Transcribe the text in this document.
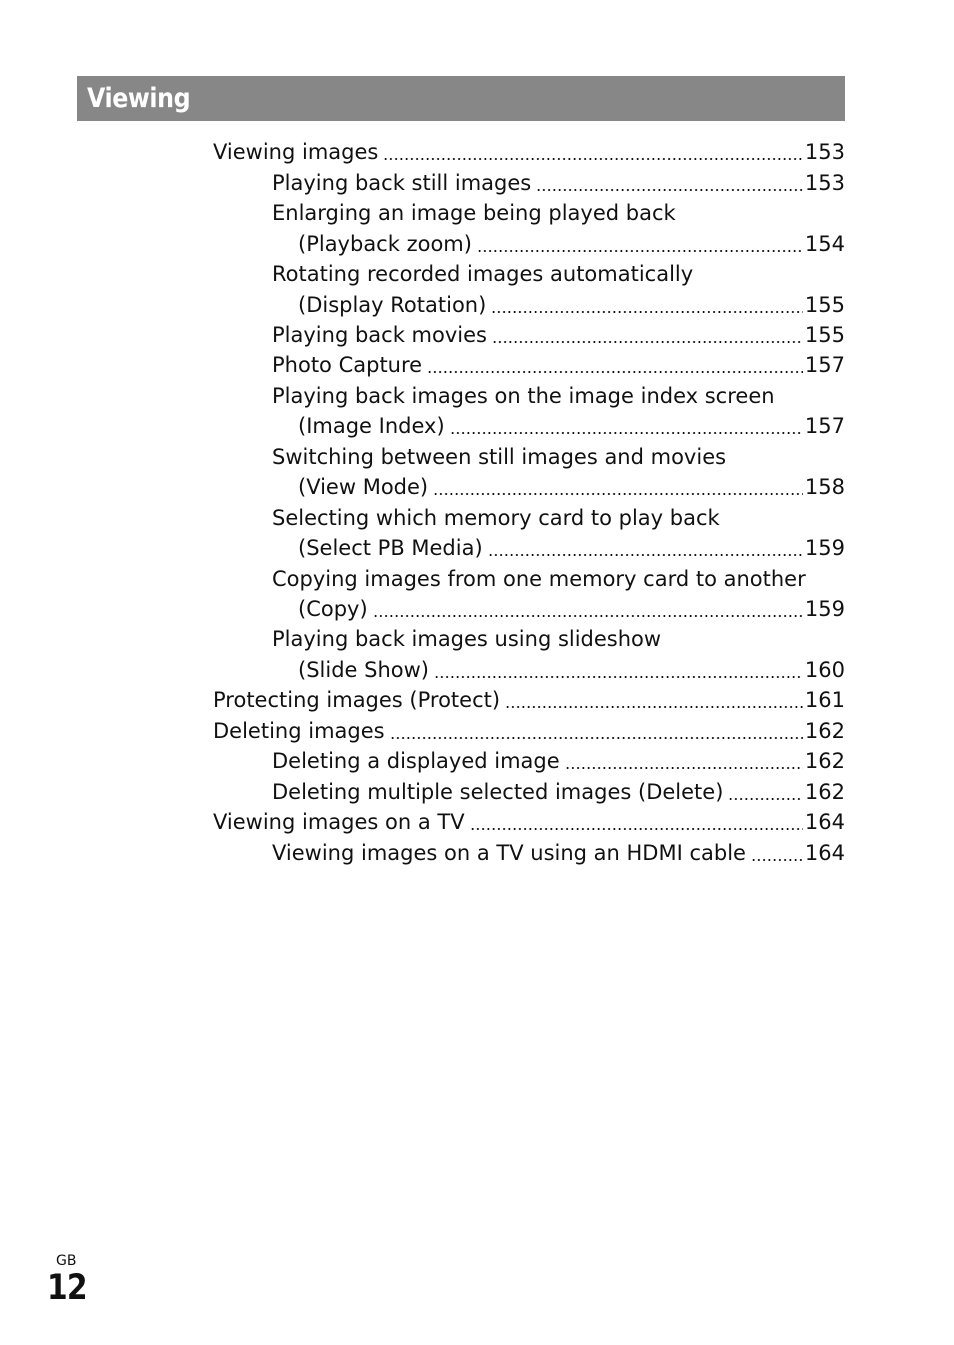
Viewing
Viewing images	153
Playing back still images	153
Enlarging an image being played back
(Playback zoom)	154
Rotating recorded images automatically
(Display Rotation)	155
Playing back movies	155
Photo Capture	157
Playing back images on the image index screen
(Image Index)	157
Switching between still images and movies
(View Mode)	158
Selecting which memory card to play back
(Select PB Media)	159
Copying images from one memory card to another
(Copy)	159
Playing back images using slideshow
(Slide Show)	160
Protecting images (Protect)	161
Deleting images	162
Deleting a displayed image	162
Deleting multiple selected images (Delete)	162
Viewing images on a TV	164
Viewing images on a TV using an HDMI cable	164
GB
12
